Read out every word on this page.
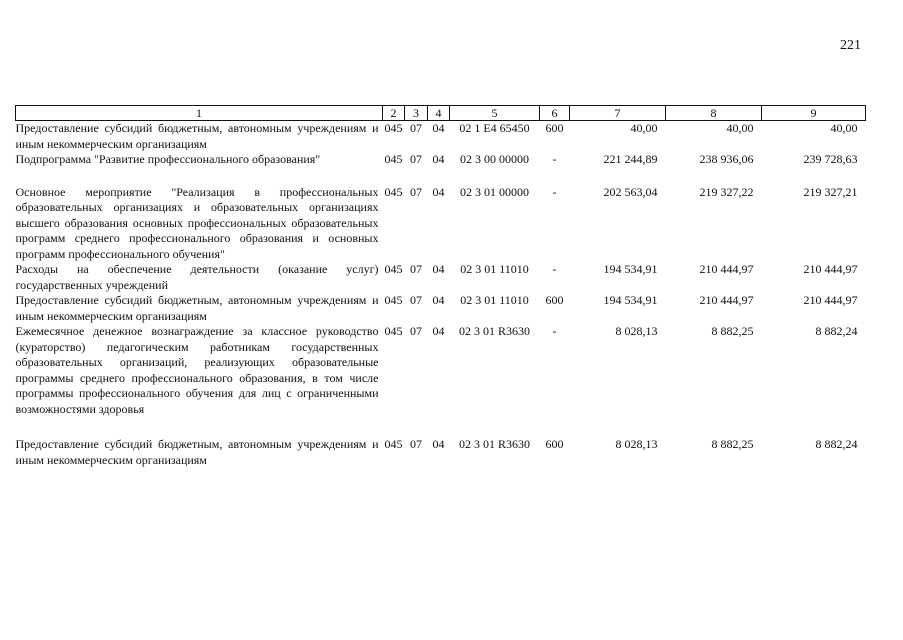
221
1	2	3	4	5	6	7	8	9
Предоставление субсидий бюджетным, автономным учреждениям и иным некоммерческим организациям	045	07	04	02 1 E4 65450	600	40,00	40,00	40,00
Подпрограмма "Развитие профессионального образования"	045	07	04	02 3 00 00000	-	221 244,89	238 936,06	239 728,63
Основное мероприятие "Реализация в профессиональных образовательных организациях и образовательных организациях высшего образования основных профессиональных образовательных программ среднего профессионального образования и основных программ профессионального обучения"	045	07	04	02 3 01 00000	-	202 563,04	219 327,22	219 327,21
Расходы на обеспечение деятельности (оказание услуг) государственных учреждений	045	07	04	02 3 01 11010	-	194 534,91	210 444,97	210 444,97
Предоставление субсидий бюджетным, автономным учреждениям и иным некоммерческим организациям	045	07	04	02 3 01 11010	600	194 534,91	210 444,97	210 444,97
Ежемесячное денежное вознаграждение за классное руководство (кураторство) педагогическим работникам государственных образовательных организаций, реализующих образовательные программы среднего профессионального образования, в том числе программы профессионального обучения для лиц с ограниченными возможностями здоровья	045	07	04	02 3 01 R3630	-	8 028,13	8 882,25	8 882,24
Предоставление субсидий бюджетным, автономным учреждениям и иным некоммерческим организациям	045	07	04	02 3 01 R3630	600	8 028,13	8 882,25	8 882,24
